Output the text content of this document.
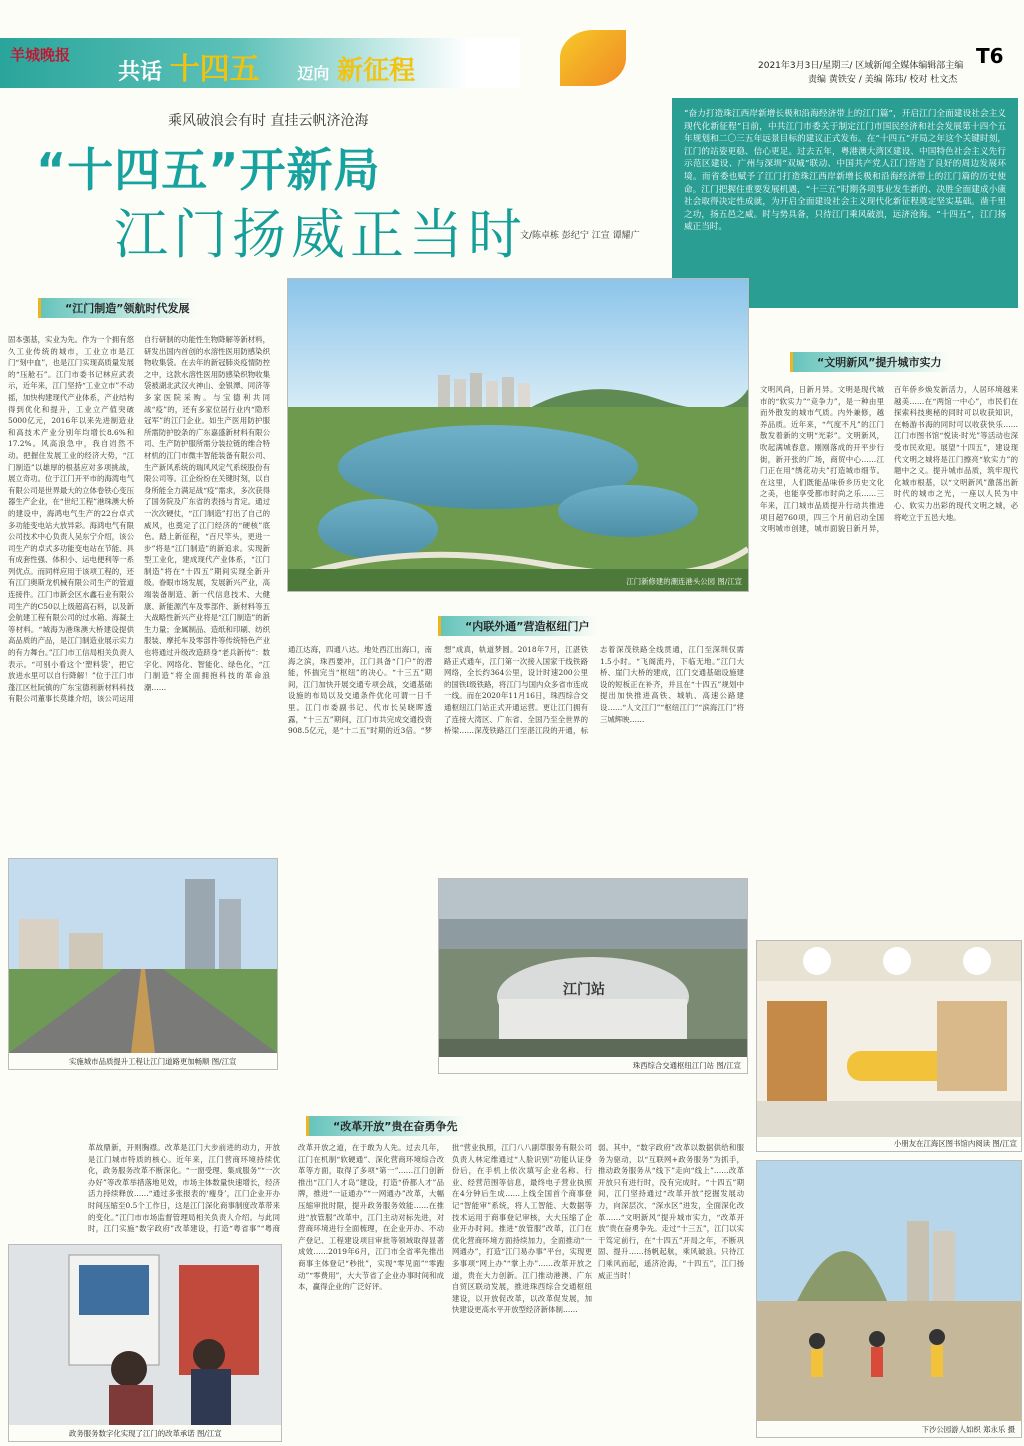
羊城晚报
共话 十四五 迈向 新征程	2021年3月3日/星期三/ 区域新闻全媒体编辑部主编
责编 黄铁安 / 美编 陈玮/ 校对 杜文杰
T6
乘风破浪会有时 直挂云帆济沧海
“十四五”开新局
江门扬威正当时
文/陈卓栋 彭纪宁 江宣 谭耀广
“奋力打造珠江西岸新增长极和沿海经济带上的江门篇”，开启江门全面建设社会主义现代化新征程”日前，中共江门市委关于制定江门市国民经济和社会发展第十四个五年规划和二〇三五年远景目标的建议正式发布。在“十四五”开局之年这个关键时刻，江门的站姿更稳、信心更足。过去五年，粤港澳大湾区建设、中国特色社会主义先行示范区建设、广州与深圳“双城”联动、中国共产党人江门营造了良好的周边发展环境。而省委也赋予了江门打造珠江西岸新增长极和沿海经济带上的江门篇的历史使命。江门把握住重要发展机遇，“十三五”时期各项事业发生新的、决胜全面建成小康社会取得决定性成就，为开启全面建设社会主义现代化新征程奠定坚实基础。凿千里之功，扬五邑之威。时与势具备，只待江门乘风破浪，远济沧海。“十四五”，江门扬威正当时。
“江门制造”领航时代发展
固本强基，实业为先。作为一个拥有悠久工业传统的城市，工业立市是江门“刻中血”，也是江门实现高质量发展的“压舱石”。江门市委书记林应武表示，近年来，江门坚持“工业立市”不动摇，加快构建现代产业体系，产业结构得到优化和提升，工业立产值突破5000亿元，2016年以来先进制造业和高技术产业分别年均增长8.6%和17.2%。风高浪急中，我自岿然不动。把握住发展工业的经济大势，“江门制造”以雄厚的根基应对多项挑战，展立奇功。位于江门开平市的海湾电气有限公司是世界最大的立体卷铁心变压器生产企业，在“世纪工程”港珠澳大桥的建设中，海鸿电气生产的22台卓式多功能变电站大放异彩。海鸿电气有限公司技术中心负责人吴东宁介绍，该公司生产的卓式多功能变电站在节能、具有成套性强、体积小、运电便利等一系列优点。而同样应用于该项工程的，还有江门奥斯龙机械有限公司生产的管道连接件。江门市新会区水鑫石业有限公司生产的C50以上级超高石料，以及新会航建工程有限公司的过水箱、海凝土等材料。“城海为港珠澳大桥建设提供高品质的产品，是江门制造业展示实力的有力舞台。”江门市工信局相关负责人表示。“可别小看这个‘塑料袋’，把它放进水里可以自行降解！”位于江门市蓬江区杜阮镇的广东宝德利新材料科技有限公司董事长莫雄介绍，该公司运用自行研制的功能性生物降解等新材料，研发出国内首创的水溶性医用防感染织物收集袋。在去年的新冠肺炎疫情防控之中，这款水溶性医用防感染织物收集袋被湖北武汉火神山、金银潭、同济等多家医院采购。与宝德利共同战“疫”的，还有多家位居行业内“隐形冠军”的江门企业。如生产医用防护服所需防护胶条的广东嘉盛新材料有限公司、生产防护服所需分装拉链的维合特材机的江门市微丰智能装备有限公司、生产新风系统的瑞风风定气系统股份有限公司等。江企纷纷在关键时刻，以自身所能全力满足战“疫”需求，多次获得了国务院及广东省的表扬与肯定。通过一次次硬仗，“江门制造”打出了自己的威风，也奠定了江门经济的“硬核”底色。踏上新征程，“百尺竿头，更进一步”将是“江门制造”的新追求。实现新型工业化，建成现代产业体系，“江门制造”将在“十四五”期间实现全新升级。眷眼市场发展，发展新兴产业，高端装备制造、新一代信息技术、大健康、新能源汽车及零部件、新材料等五大战略性新兴产业将是“江门制造”的新生力量；金属制品、造纸和印刷、纺织服装、摩托车及零部件等传统特色产业也将通过升级改造跻身“老兵新传”：数字化、网络化、智能化、绿色化，“江门制造”将全面拥抱科技的革命浪潮……
江门新修建的潮连港头公园 图/江宣
“文明新风”提升城市实力
文明风尚，日新月异。文明是现代城市的“软实力”“竞争力”，是一种由里而外散发的城市气质。内外兼修，越养品质。近年来，“气度不凡”的江门散发着新的文明“光彩”。文明新风，吹起满城春意。刚刚落成的开平步行街，新开张的广场，商贸中心……江门正在用“绣花功夫”打造城市细节。在这里，人们既能品味侨乡历史文化之美，也能享受都市时尚之乐……三年来，江门城市品质提升行动共推进项目超760项，四三个月前启动全国文明城市创建，城市面貌日新月异，百年侨乡焕发新活力，人居环境越来越美……在“两馆一中心”，市民们在探索科技奥秘的同时可以收获知识，在畅游书海的同时可以收获快乐……江门市图书馆“悦读·时光”等活动也深受市民欢迎。展望“十四五”，建设现代文明之城将是江门擦亮“软实力”的题中之义。提升城市品质，筑牢现代化城市根基，以“文明新风”激荡出新时代的城市之光，一座以人民为中心、软实力出彩的现代文明之城，必将屹立于五邑大地。
“内联外通”营造枢纽门户
通江达海，四通八达。地处西江出海口，南海之滨，珠西要冲，江门具备“门户”的潜能，怀揣完当“枢纽”的决心。“十三五”期间，江门加快开展交通专项会战，交通基础设施的布局以及交通条件优化可谓一日千里。江门市委副书记、代市长吴晓晖透露，“十三五”期间，江门市共完成交通投资908.5亿元，是“十二五”时期的近3倍。“梦想”成真，轨道梦圆。2018年7月，江湛铁路正式通车，江门第一次接入国家干线铁路网络，全长约364公里，设计时速200公里的国铁Ⅰ级铁路，将江门与国内众多省市连成一线。而在2020年11月16日，珠西综合交通枢纽江门站正式开通运营。更让江门拥有了连接大湾区、广东省、全国乃至全世界的桥梁……深茂铁路江门至湛江段的开通，标志着深茂铁路全线贯通，江门至深圳仅需1.5小时。“飞阁流丹，下临无地。”江门大桥、崖门大桥的建成，江门交通基础设施建设的短板正在补齐，并且在“十四五”规划中提出加快推进高铁、城轨、高速公路建设……“人文江门”“枢纽江门”“滨海江门”将三城辉映……
实施城市品质提升工程让江门道路更加畅顺 图/江宣
江门站
珠西综合交通枢纽江门站 图/江宣
小朋友在江海区图书馆内阅读 图/江宣
“改革开放”贵在奋勇争先
革故鼎新，开则胸襟。改革是江门大步前进的动力，开放是江门城市特质的核心。近年来，江门营商环境持续优化，政务服务改革不断深化。“一窗受理、集成服务”“一次办好”等改革举措落地见效，市场主体数量快速增长，经济活力持续释放……“通过多张报表的‘瘦身’，江门企业开办时间压缩至0.5个工作日，这是江门深化商事制度改革带来的变化。”江门市市场监督管理局相关负责人介绍。与此同时，江门实施“数字政府”改革建设，打造“粤省事”“粤商
改革开放之道，在于敢为人先。过去几年，江门在机制“软硬通”、深化营商环境综合改革等方面，取得了多项“第一”……江门创新推出“江门人才岛”建设，打造“侨都人才”品牌，推进“一证通办”“一网通办”改革，大幅压缩审批时限，提升政务服务效能……在推进“放管服”改革中，江门主动对标先进，对营商环境进行全面梳理，在企业开办、不动产登记、工程建设项目审批等领域取得显著成效……2019年6月，江门市全省率先推出商事主体登记“秒批”，实现“零见面”“零跑动”“零费用”，大大节省了企业办事时间和成本，赢得企业的广泛好评。
批“营业执照，江门八八副草服务有限公司负责人林定维通过“人脸识别”功能认证身份后，在手机上依次填写企业名称、行业、经营范围等信息，最终电子营业执照在4分钟后生成……上线全国首个商事登记“智能审”系统，将人工智能、大数据等技术运用于商事登记审核，大大压缩了企业开办时间。推进“放管服”改革，江门在优化营商环境方面持续加力，全面推动“一网通办”，打造“江门易办事”平台，实现更多事项“网上办”“掌上办”……改革开放之道，贵在大力创新。江门推动港澳、广东自贸区联动发展，推进珠西综合交通枢纽建设，以开放促改革，以改革促发展，加快建设更高水平开放型经济新体制……
弱。其中，“数字政府”改革以数据供给和服务为驱动，以“互联网+政务服务”为抓手，推动政务服务从“线下”走向“线上”……改革开放只有进行时，没有完成时。“十四五”期间，江门坚持通过“改革开放”挖掘发展动力，向深层次、“深水区”进发，全面深化改革……“文明新风”提升城市实力，“改革开放”贵在奋勇争先。走过“十三五”，江门以实干笃定前行，在“十四五”开局之年，不断巩固、提升……扬帆起航，乘风破浪。只待江门乘风而起，遥济沧海，“十四五”，江门扬威正当时！
政务服务数字化实现了江门的改革承诺 图/江宣	下沙公园游人如织 郑永乐 摄
